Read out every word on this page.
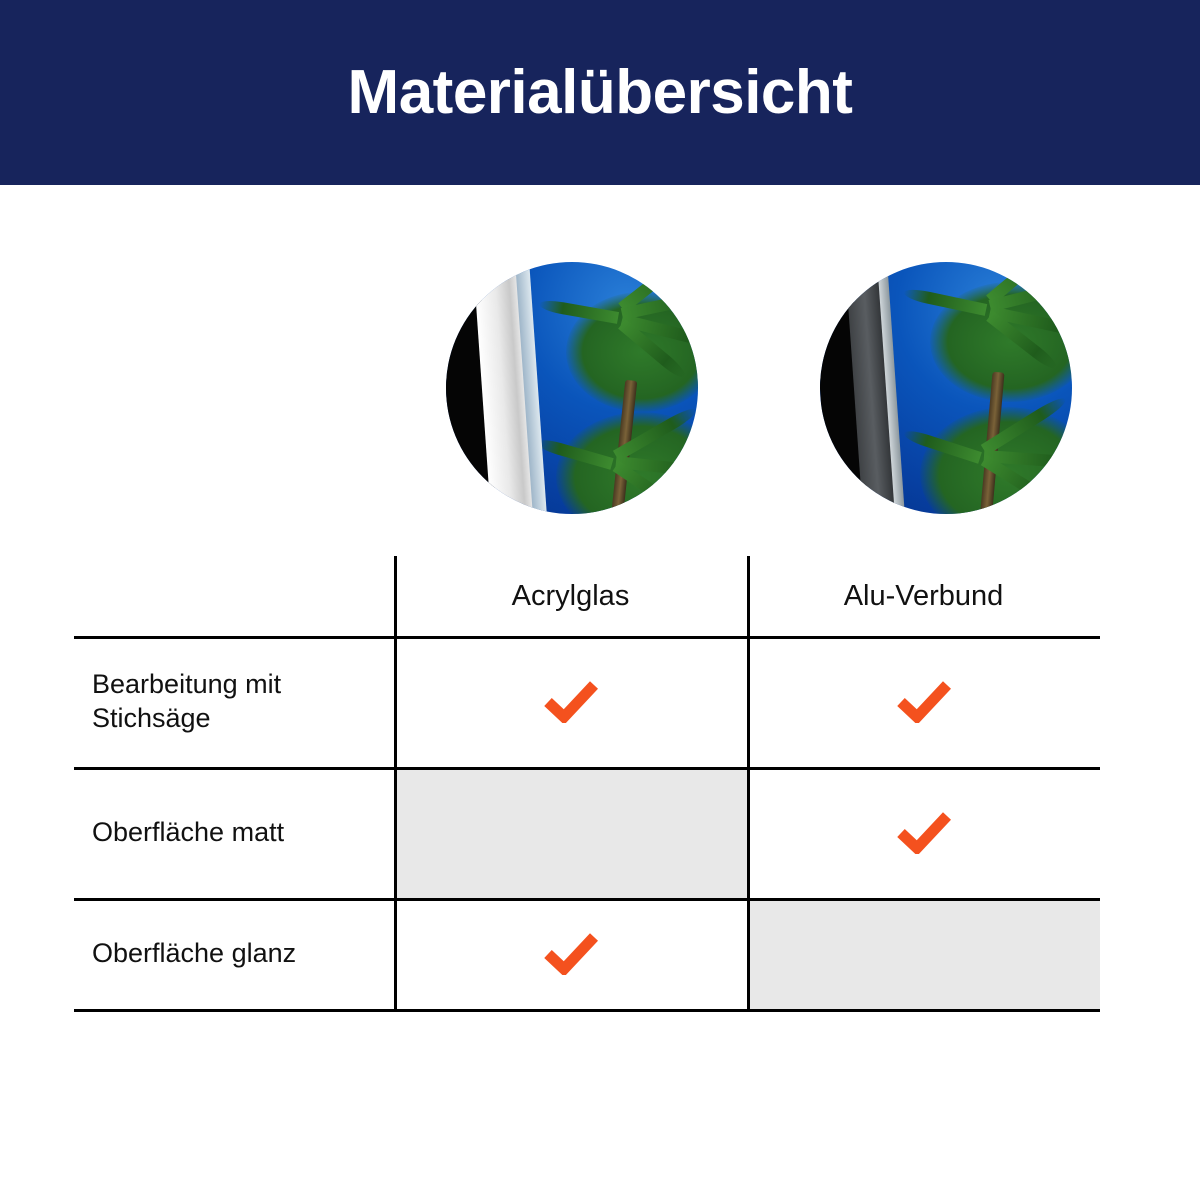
Materialübersicht
Acrylglas	Alu-Verbund
Bearbeitung mit Stichsäge
Oberfläche matt
Oberfläche glanz
